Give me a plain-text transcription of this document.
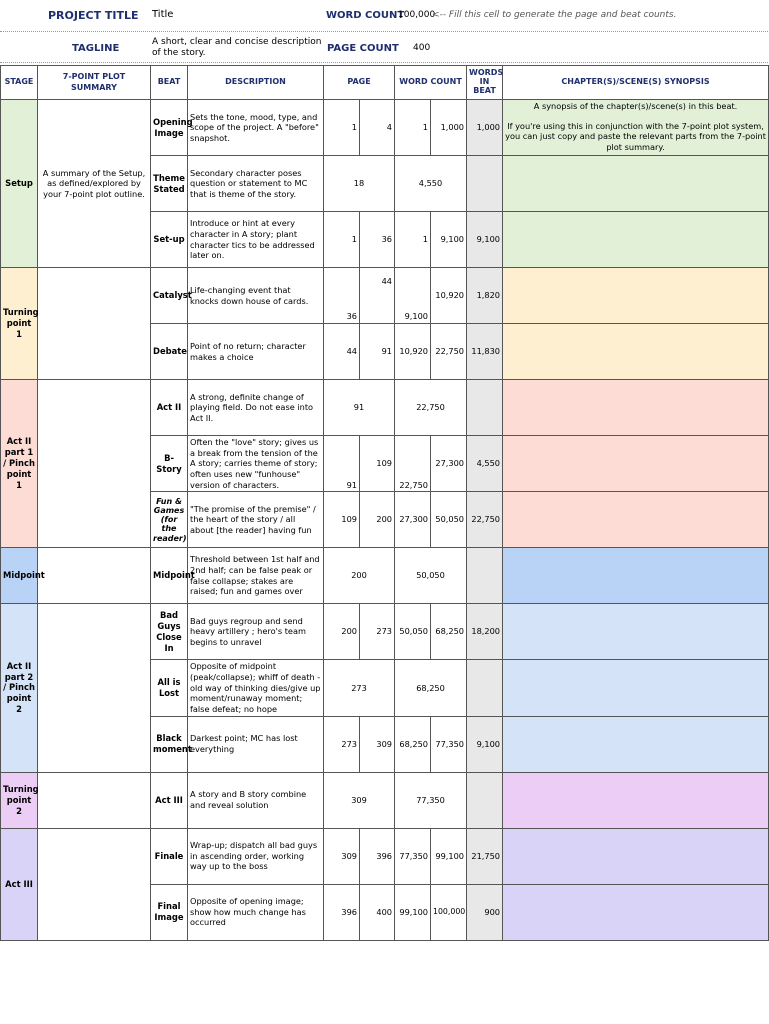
PROJECT TITLE Title	WORD COUNT
100,000
<-- Fill this cell to generate the page and beat counts.
TAGLINE
A short, clear and concise description of the story.	PAGE COUNT 400
STAGE	7-POINT PLOT SUMMARY	BEAT	DESCRIPTION	PAGE		WORD COUNT		WORDS IN BEAT	CHAPTER(S)/SCENE(S) SYNOPSIS
Setup	A summary of the Setup, as defined/explored by your 7-point plot outline.	Opening Image	Sets the tone, mood, type, and scope of the project. A "before" snapshot.	1	4	1	1,000	1,000	A synopsis of the chapter(s)/scene(s) in this beat.
If you're using this in conjunction with the 7-point plot system, you can just copy and paste the relevant parts from the 7-point plot summary.

		Theme Stated	Secondary character poses question or statement to MC that is theme of the story.	18		4,550			
		Set-up	Introduce or hint at every character in A story; plant character tics to be addressed later on.	1	36	1	9,100	9,100	
Turning point 1		Catalyst	Life-changing event that knocks down house of cards.	36	44	9,100	10,920	1,820	
		Debate	Point of no return; character makes a choice	44	91	10,920	22,750	11,830	
Act II part 1 / Pinch point 1		Act II	A strong, definite change of playing field. Do not ease into Act II.	91		22,750			
		B-Story	Often the "love" story; gives us a break from the tension of the A story; carries theme of story; often uses new "funhouse" version of characters.	91	109	22,750	27,300	4,550	
		Fun & Games (for the reader)	"The promise of the premise" / the heart of the story / all about [the reader] having fun	109	200	27,300	50,050	22,750	
Midpoint		Midpoint	Threshold between 1st half and 2nd half; can be false peak or false collapse; stakes are raised; fun and games over	200		50,050			
Act II part 2 / Pinch point 2		Bad Guys Close In	Bad guys regroup and send heavy artillery ; hero's team begins to unravel	200	273	50,050	68,250	18,200	
		All is Lost	Opposite of midpoint (peak/collapse); whiff of death - old way of thinking dies/give up moment/runaway moment; false defeat; no hope	273		68,250			
		Black moment	Darkest point; MC has lost everything	273	309	68,250	77,350	9,100	
Turning point 2		Act III	A story and B story combine and reveal solution	309		77,350			
Act III		Finale	Wrap-up; dispatch all bad guys in ascending order, working way up to the boss	309	396	77,350	99,100	21,750	
		Final Image	Opposite of opening image; show how much change has occurred	396	400	99,100	100,000	900	
